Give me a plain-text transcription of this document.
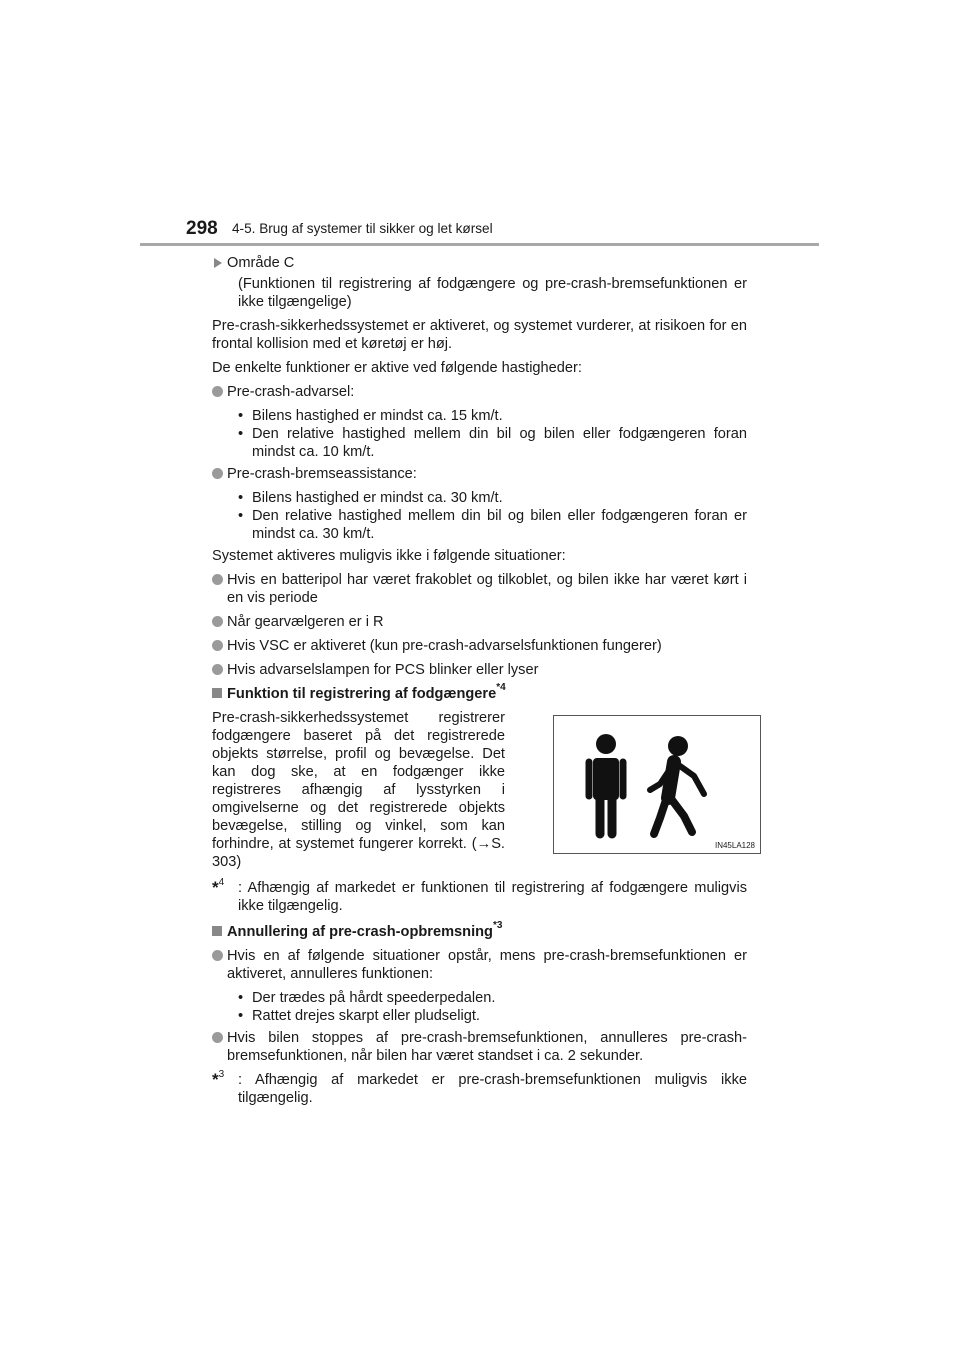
298 4-5. Brug af systemer til sikker og let kørsel
Område C

(Funktionen til registrering af fodgængere og pre-crash-bremsefunktionen er ikke tilgængelige)

Pre-crash-sikkerhedssystemet er aktiveret, og systemet vurderer, at risikoen for en frontal kollision med et køretøj er høj.

De enkelte funktioner er aktive ved følgende hastigheder:

Pre-crash-advarsel:
• Bilens hastighed er mindst ca. 15 km/t.
• Den relative hastighed mellem din bil og bilen eller fodgængeren foran mindst ca. 10 km/t.
Pre-crash-bremseassistance:
• Bilens hastighed er mindst ca. 30 km/t.
• Den relative hastighed mellem din bil og bilen eller fodgængeren foran er mindst ca. 30 km/t.

Systemet aktiveres muligvis ikke i følgende situationer:

Hvis en batteripol har været frakoblet og tilkoblet, og bilen ikke har været kørt i en vis periode
Når gearvælgeren er i R
Hvis VSC er aktiveret (kun pre-crash-advarselsfunktionen fungerer)
Hvis advarselslampen for PCS blinker eller lyser
Funktion til registrering af fodgængere$^{*4}$
Pre-crash-sikkerhedssystemet registrerer fodgængere baseret på det registrerede objekts størrelse, profil og bevægelse. Det kan dog ske, at en fodgænger ikke registreres afhængig af lysstyrken i omgivelserne og det registrerede objekts bevægelse, stilling og vinkel, som kan forhindre, at systemet fungerer korrekt. (→S. 303)
IN45LA128
*$^4$ : Afhængig af markedet er funktionen til registrering af fodgængere muligvis ikke tilgængelig.
Annullering af pre-crash-opbremsning$^{*3}$
Hvis en af følgende situationer opstår, mens pre-crash-bremsefunktionen er aktiveret, annulleres funktionen:
• Der trædes på hårdt speederpedalen.
• Rattet drejes skarpt eller pludseligt.
Hvis bilen stoppes af pre-crash-bremsefunktionen, annulleres pre-crash-bremsefunktionen, når bilen har været standset i ca. 2 sekunder.
*$^3$ : Afhængig af markedet er pre-crash-bremsefunktionen muligvis ikke tilgængelig.
